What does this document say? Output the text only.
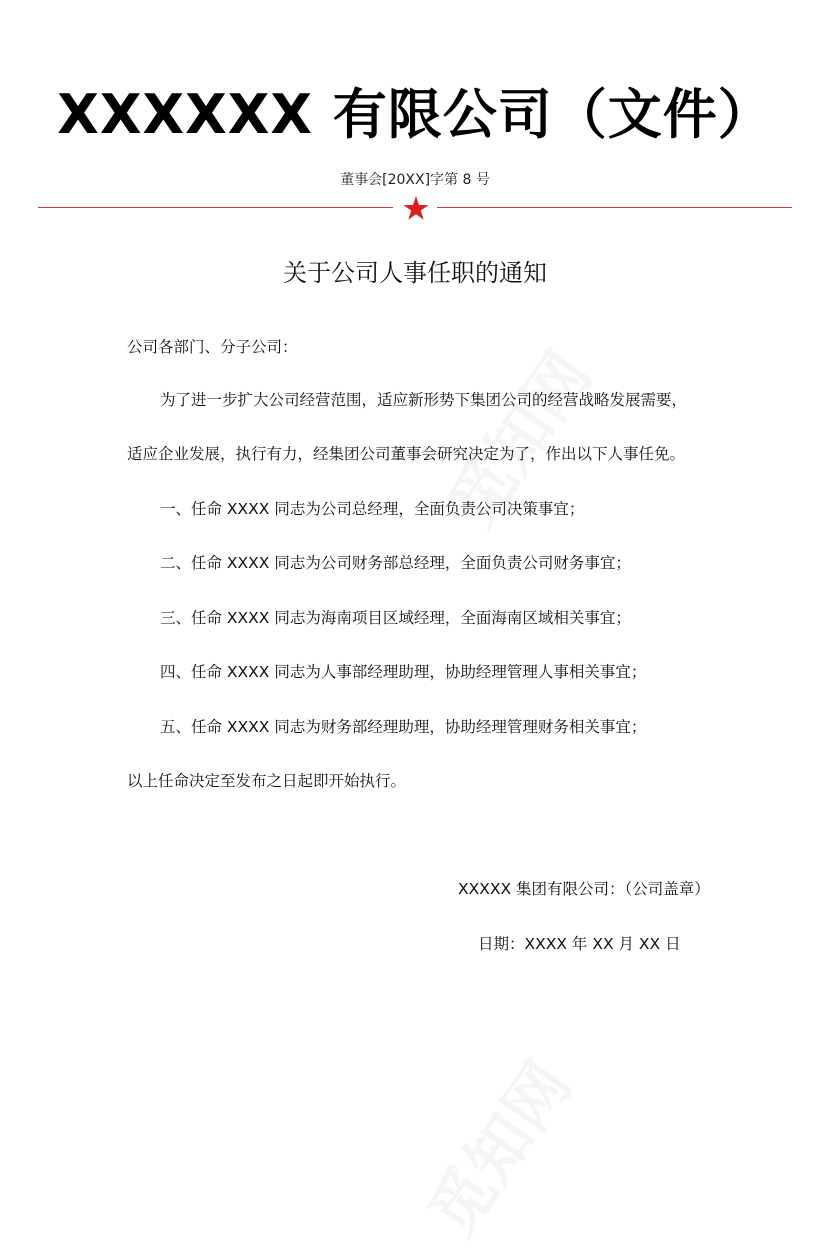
XXXXXX 有限公司（文件）
董事会[20XX]字第 8 号
关于公司人事任职的通知
公司各部门、分子公司：
为了进一步扩大公司经营范围，适应新形势下集团公司的经营战略发展需要，
适应企业发展，执行有力，经集团公司董事会研究决定为了，作出以下人事任免。
一、任命 XXXX 同志为公司总经理，全面负责公司决策事宜；
二、任命 XXXX 同志为公司财务部总经理，全面负责公司财务事宜；
三、任命 XXXX 同志为海南项目区域经理，全面海南区域相关事宜；
四、任命 XXXX 同志为人事部经理助理，协助经理管理人事相关事宜；
五、任命 XXXX 同志为财务部经理助理，协助经理管理财务相关事宜；
以上任命决定至发布之日起即开始执行。
XXXXX 集团有限公司：（公司盖章）
日期：XXXX 年 XX 月 XX 日
